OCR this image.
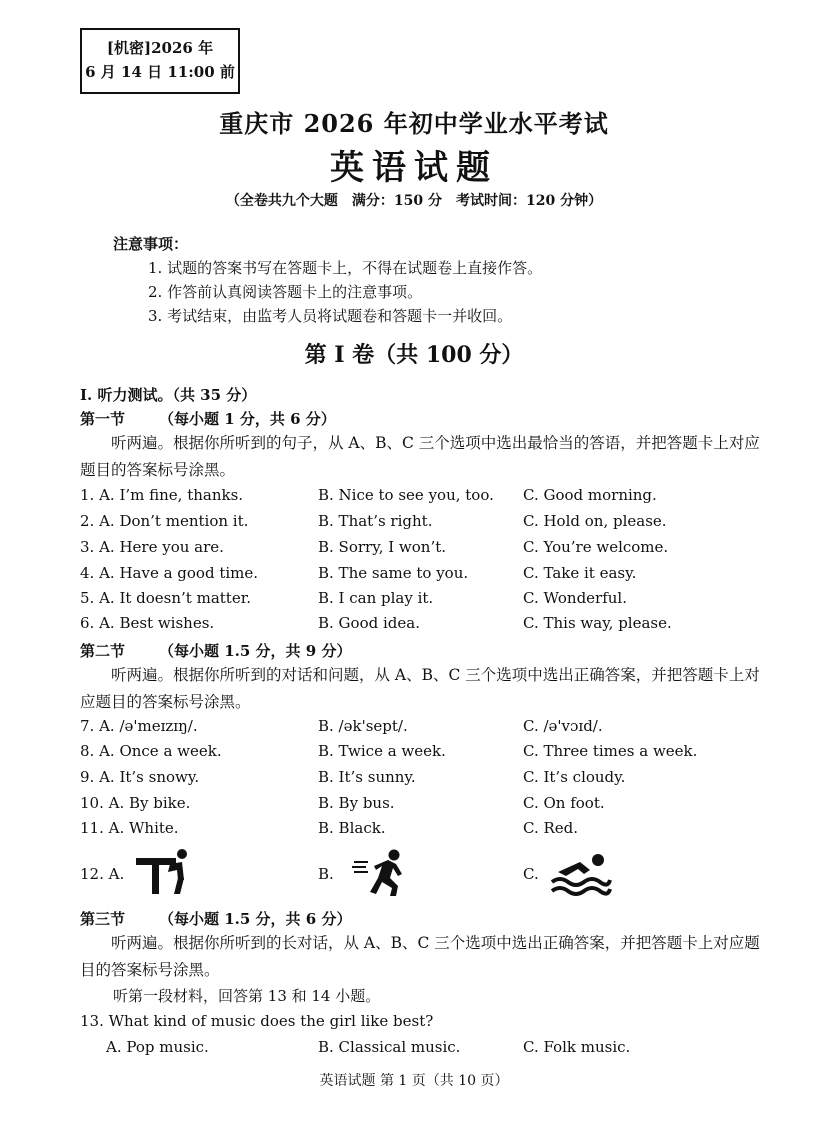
[机密]2026 年
6 月 14 日 11:00 前
重庆市 2026 年初中学业水平考试
英语试题
（全卷共九个大题　满分：150 分　考试时间：120 分钟）
注意事项：
1. 试题的答案书写在答题卡上，不得在试题卷上直接作答。
2. 作答前认真阅读答题卡上的注意事项。
3. 考试结束，由监考人员将试题卷和答题卡一并收回。
第 I 卷（共 100 分）
I. 听力测试。（共 35 分）
第一节 （每小题 1 分，共 6 分）
听两遍。根据你所听到的句子，从 A、B、C 三个选项中选出最恰当的答语，并把答题卡上对应题目的答案标号涂黑。
1. A. I’m fine, thanks.	B. Nice to see you, too. C. Good morning.
2. A. Don’t mention it.	B. That’s right.	C. Hold on, please.
3. A. Here you are.	B. Sorry, I won’t.	C. You’re welcome.
4. A. Have a good time.	B. The same to you.	C. Take it easy.
5. A. It doesn’t matter.	B. I can play it.	C. Wonderful.
6. A. Best wishes.	B. Good idea.	C. This way, please.
第二节 （每小题 1.5 分，共 9 分）
听两遍。根据你所听到的对话和问题，从 A、B、C 三个选项中选出正确答案，并把答题卡上对应题目的答案标号涂黑。
7. A. /ə'meɪzɪŋ/.	B. /ək'sept/.	C. /ə'vɔɪd/.
8. A. Once a week.	B. Twice a week.	C. Three times a week.
9. A. It’s snowy.	B. It’s sunny.	C. It’s cloudy.
10. A. By bike.	B. By bus.	C. On foot.
11. A. White.	B. Black.	C. Red.
12. A.	B.	C.
第三节 （每小题 1.5 分，共 6 分）
听两遍。根据你所听到的长对话，从 A、B、C 三个选项中选出正确答案，并把答题卡上对应题目的答案标号涂黑。
听第一段材料，回答第 13 和 14 小题。
13. What kind of music does the girl like best?
A. Pop music.	B. Classical music.	C. Folk music.
英语试题 第 1 页（共 10 页）
